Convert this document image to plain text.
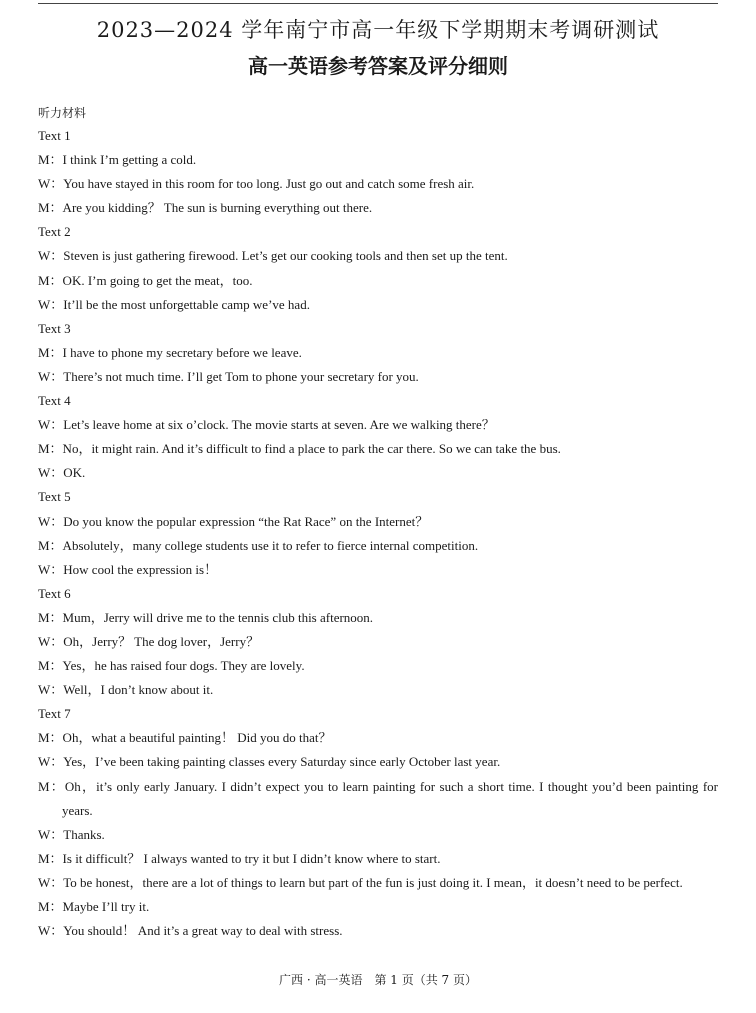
2023—2024 学年南宁市高一年级下学期期末考调研测试
高一英语参考答案及评分细则
听力材料
Text 1
M：I think I’m getting a cold.
W：You have stayed in this room for too long. Just go out and catch some fresh air.
M：Are you kidding？ The sun is burning everything out there.
Text 2
W：Steven is just gathering firewood. Let’s get our cooking tools and then set up the tent.
M：OK. I’m going to get the meat，too.
W：It’ll be the most unforgettable camp we’ve had.
Text 3
M：I have to phone my secretary before we leave.
W：There’s not much time. I’ll get Tom to phone your secretary for you.
Text 4
W：Let’s leave home at six o’clock. The movie starts at seven. Are we walking there？
M：No，it might rain. And it’s difficult to find a place to park the car there. So we can take the bus.
W：OK.
Text 5
W：Do you know the popular expression “the Rat Race” on the Internet？
M：Absolutely，many college students use it to refer to fierce internal competition.
W：How cool the expression is！
Text 6
M：Mum，Jerry will drive me to the tennis club this afternoon.
W：Oh，Jerry？ The dog lover，Jerry？
M：Yes，he has raised four dogs. They are lovely.
W：Well，I don’t know about it.
Text 7
M：Oh，what a beautiful painting！ Did you do that？
W：Yes，I’ve been taking painting classes every Saturday since early October last year.
M：Oh，it’s only early January. I didn’t expect you to learn painting for such a short time. I thought you’d been painting for years.
W：Thanks.
M：Is it difficult？ I always wanted to try it but I didn’t know where to start.
W：To be honest，there are a lot of things to learn but part of the fun is just doing it. I mean，it doesn’t need to be perfect.
M：Maybe I’ll try it.
W：You should！ And it’s a great way to deal with stress.
广西 · 高一英语　第 1 页（共 7 页）
